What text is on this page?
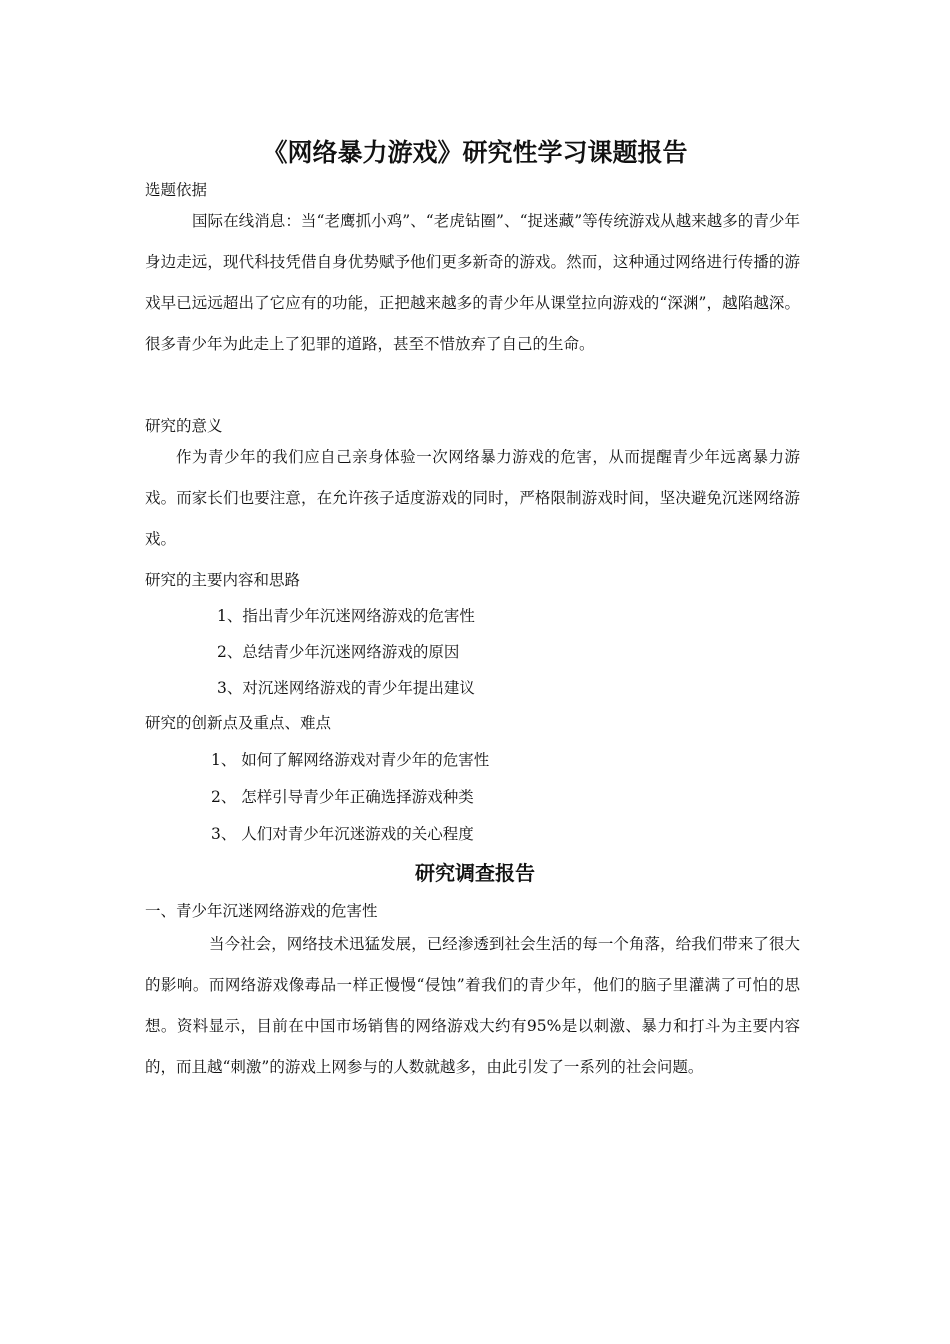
《网络暴力游戏》研究性学习课题报告
选题依据

国际在线消息：当“老鹰抓小鸡”、“老虎钻圈”、“捉迷藏”等传统游戏从越来越多的青少年身边走远，现代科技凭借自身优势赋予他们更多新奇的游戏。然而，这种通过网络进行传播的游戏早已远远超出了它应有的功能，正把越来越多的青少年从课堂拉向游戏的“深渊”，越陷越深。很多青少年为此走上了犯罪的道路，甚至不惜放弃了自己的生命。

研究的意义

作为青少年的我们应自己亲身体验一次网络暴力游戏的危害，从而提醒青少年远离暴力游戏。而家长们也要注意，在允许孩子适度游戏的同时，严格限制游戏时间，坚决避免沉迷网络游戏。

研究的主要内容和思路
1、指出青少年沉迷网络游戏的危害性
2、总结青少年沉迷网络游戏的原因
3、对沉迷网络游戏的青少年提出建议
研究的创新点及重点、难点
1、 如何了解网络游戏对青少年的危害性
2、 怎样引导青少年正确选择游戏种类
3、 人们对青少年沉迷游戏的关心程度
研究调查报告
一、青少年沉迷网络游戏的危害性

当今社会，网络技术迅猛发展，已经渗透到社会生活的每一个角落，给我们带来了很大的影响。而网络游戏像毒品一样正慢慢“侵蚀”着我们的青少年，他们的脑子里灌满了可怕的思想。资料显示，目前在中国市场销售的网络游戏大约有95%是以刺激、暴力和打斗为主要内容的，而且越“刺激”的游戏上网参与的人数就越多，由此引发了一系列的社会问题。
